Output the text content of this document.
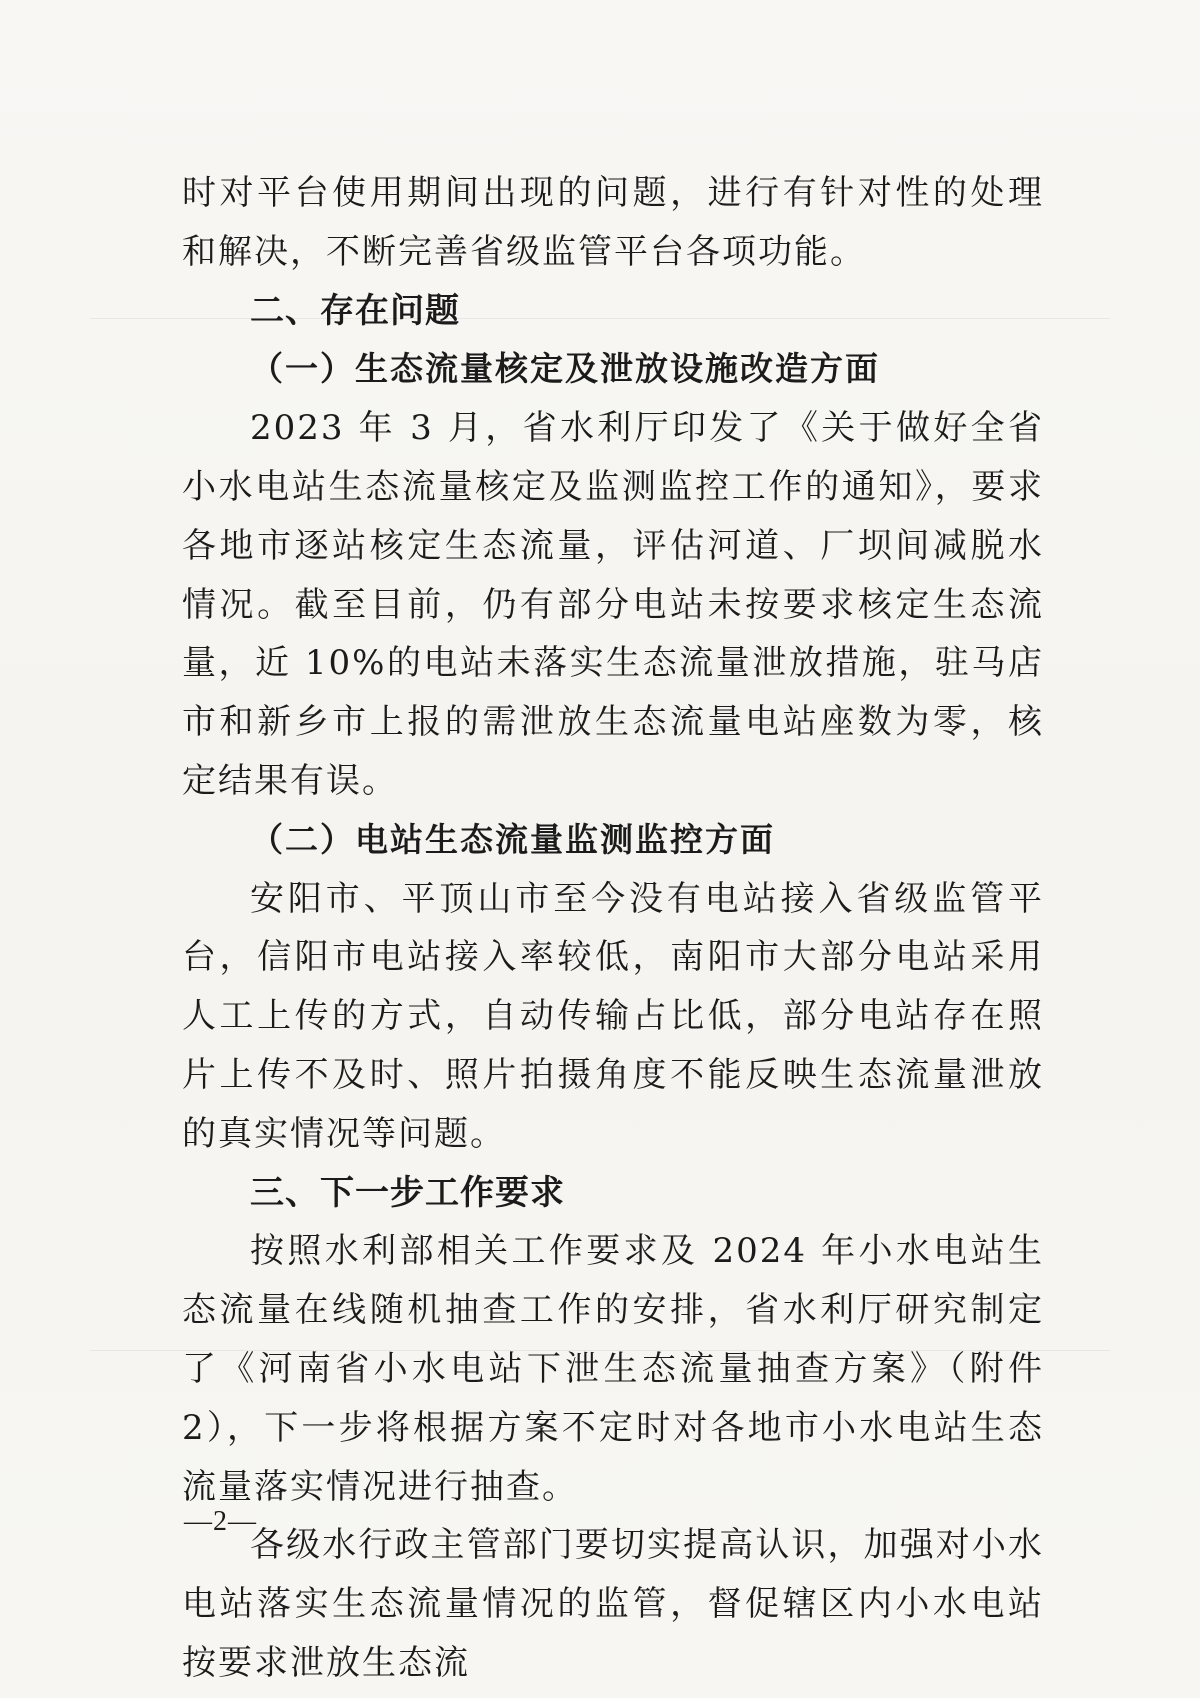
时对平台使用期间出现的问题，进行有针对性的处理和解决，不断完善省级监管平台各项功能。

二、存在问题

（一）生态流量核定及泄放设施改造方面

2023 年 3 月，省水利厅印发了《关于做好全省小水电站生态流量核定及监测监控工作的通知》，要求各地市逐站核定生态流量，评估河道、厂坝间减脱水情况。截至目前，仍有部分电站未按要求核定生态流量，近 10%的电站未落实生态流量泄放措施，驻马店市和新乡市上报的需泄放生态流量电站座数为零，核定结果有误。

（二）电站生态流量监测监控方面

安阳市、平顶山市至今没有电站接入省级监管平台，信阳市电站接入率较低，南阳市大部分电站采用人工上传的方式，自动传输占比低，部分电站存在照片上传不及时、照片拍摄角度不能反映生态流量泄放的真实情况等问题。

三、下一步工作要求

按照水利部相关工作要求及 2024 年小水电站生态流量在线随机抽查工作的安排，省水利厅研究制定了《河南省小水电站下泄生态流量抽查方案》（附件 2），下一步将根据方案不定时对各地市小水电站生态流量落实情况进行抽查。

各级水行政主管部门要切实提高认识，加强对小水电站落实生态流量情况的监管，督促辖区内小水电站按要求泄放生态流

—2—
